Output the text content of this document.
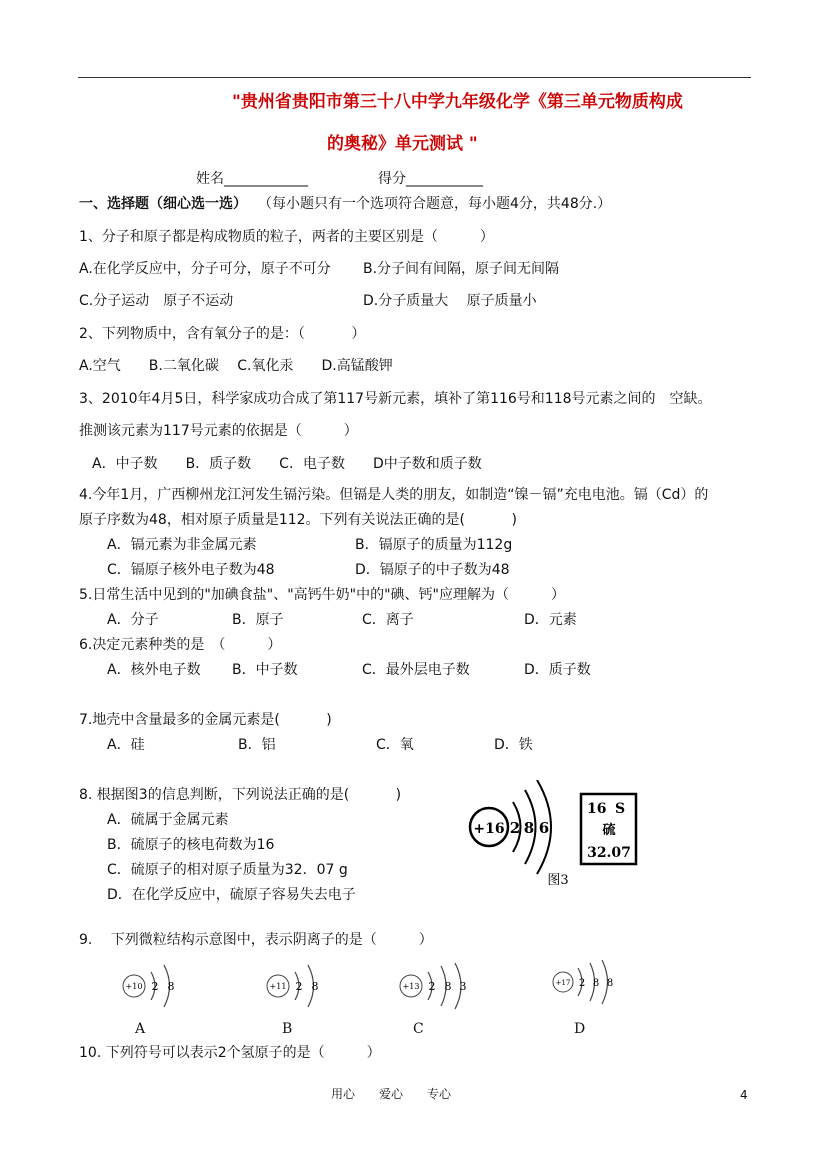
"贵州省贵阳市第三十八中学九年级化学《第三单元物质构成
的奥秘》单元测试 "
姓名____________	得分___________
一、选择题（细心选一选） （每小题只有一个选项符合题意，每小题4分，共48分.）
1、分子和原子都是构成物质的粒子，两者的主要区别是（　　　）
A.在化学反应中，分子可分，原子不可分 B.分子间有间隔，原子间无间隔
C.分子运动　原子不运动	D.分子质量大　 原子质量小
2、下列物质中，含有氧分子的是：（　　　 ）
A.空气　　B.二氧化碳　 C.氧化汞　　D.高锰酸钾
3、2010年4月5日，科学家成功合成了第117号新元素，填补了第116号和118号元素之间的　空缺。
推测该元素为117号元素的依据是（　　　）
A．中子数　　B．质子数　　C．电子数　　D中子数和质子数
4.今年1月，广西柳州龙江河发生镉污染。但镉是人类的朋友，如制造“镍－镉”充电电池。镉（Cd）的
原子序数为48，相对原子质量是112。下列有关说法正确的是(　　　 )
A．镉元素为非金属元素	B．镉原子的质量为112g
C．镉原子核外电子数为48	D．镉原子的中子数为48
5.日常生活中见到的"加碘食盐"、"高钙牛奶"中的"碘、钙"应理解为（　　　）
A．分子	B．原子	C．离子	D．元素
6.决定元素种类的是　（　　　）
A．核外电子数 B．中子数	C．最外层电子数	D．质子数
7.地壳中含量最多的金属元素是(　　　 )
A．硅	B．铝	C．氧	D．铁
8. 根据图3的信息判断，下列说法正确的是(　　　 )
A．硫属于金属元素
B．硫原子的核电荷数为16
C．硫原子的相对原子质量为32．07 g
D．在化学反应中，硫原子容易失去电子
+16 2 8 6
16 S
硫
32.07
图3
9.　 下列微粒结构示意图中，表示阴离子的是（　　　）
+10 2 8	+11 2 8	+13 2 8 3	+17 2 8 8
A	B	C	D
10. 下列符号可以表示2个氢原子的是（　　　）
用心　　爱心　　专心	4
